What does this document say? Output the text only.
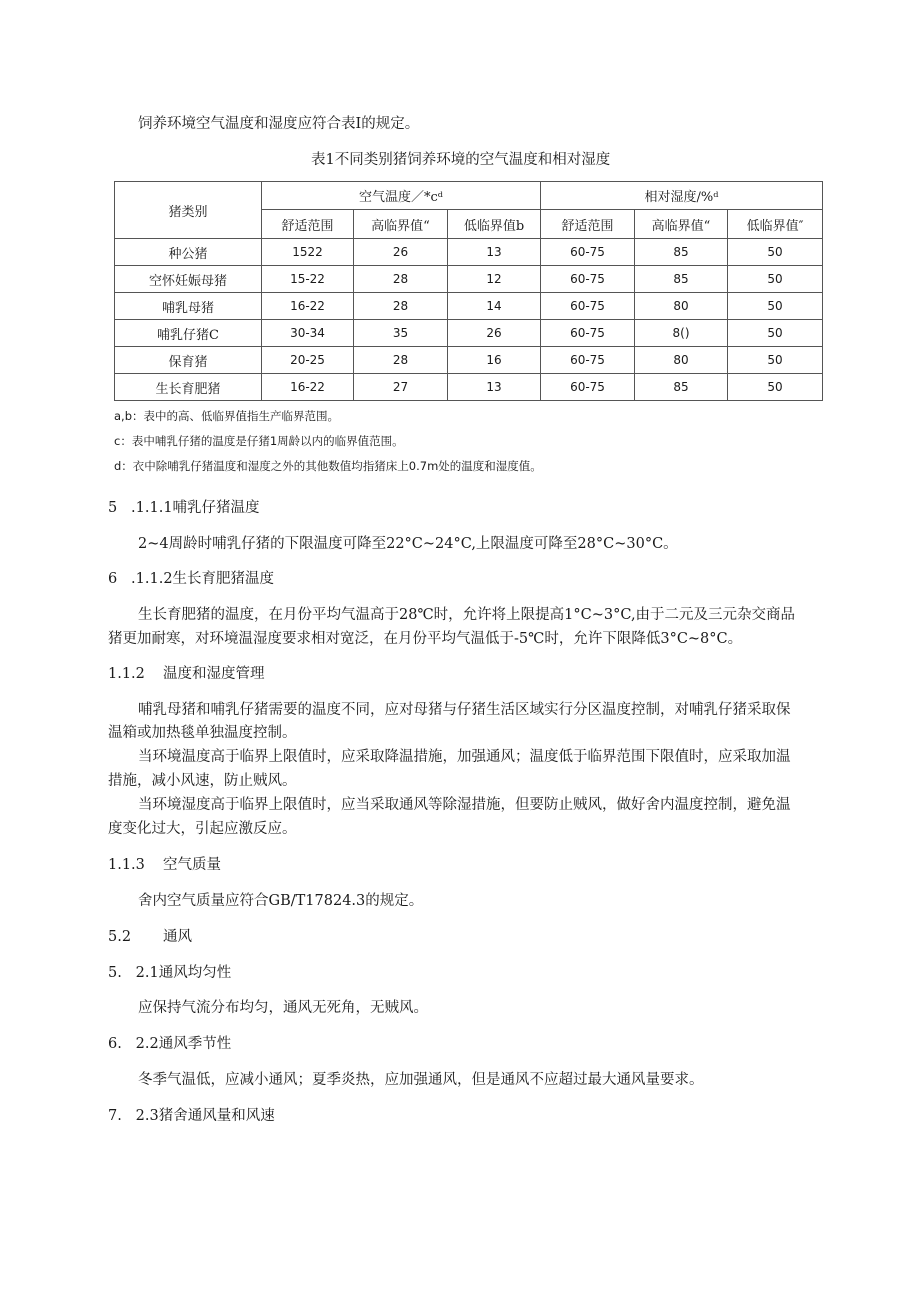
饲养环境空气温度和湿度应符合表I的规定。
表1不同类别猪饲养环境的空气温度和相对湿度
猪类别	空气温度／*cᵈ			相对湿度/%ᵈ		
	舒适范围	高临界值“	低临界值b	舒适范围	高临界值“	低临界值″
种公猪	1522	26	13	60-75	85	50
空怀妊娠母猪	15-22	28	12	60-75	85	50
哺乳母猪	16-22	28	14	60-75	80	50
哺乳仔猪C	30-34	35	26	60-75	8()	50
保育猪	20-25	28	16	60-75	80	50
生长育肥猪	16-22	27	13	60-75	85	50
a,b：表中的高、低临界值指生产临界范围。
c：表中哺乳仔猪的温度是仔猪1周龄以内的临界值范围。
d：衣中除哺乳仔猪温度和湿度之外的其他数值均指猪床上0.7m处的温度和湿度值。
5   .1.1.1哺乳仔猪温度
2~4周龄时哺乳仔猪的下限温度可降至22°C~24°C,上限温度可降至28°C~30°C。
6   .1.1.2生长育肥猪温度
生长育肥猪的温度，在月份平均气温高于28℃时，允许将上限提高1°C~3°C,由于二元及三元杂交商品
猪更加耐寒，对环境温湿度要求相对宽泛，在月份平均气温低于-5℃时，允许下限降低3°C~8°C。
1.1.2 温度和湿度管理
哺乳母猪和哺乳仔猪需要的温度不同，应对母猪与仔猪生活区域实行分区温度控制，对哺乳仔猪采取保
温箱或加热毯单独温度控制。
当环境温度高于临界上限值时，应采取降温措施，加强通风；温度低于临界范围下限值时，应采取加温
措施，减小风速，防止贼风。
当环境湿度高于临界上限值时，应当采取通风等除湿措施，但要防止贼风，做好舍内温度控制，避免温
度变化过大，引起应激反应。
1.1.3 空气质量
舍内空气质量应符合GB/T17824.3的规定。
5.2 通风
5.   2.1通风均匀性
应保持气流分布均匀，通风无死角，无贼风。
6.   2.2通风季节性
冬季气温低，应减小通风；夏季炎热，应加强通风，但是通风不应超过最大通风量要求。
7.   2.3猪舍通风量和风速
